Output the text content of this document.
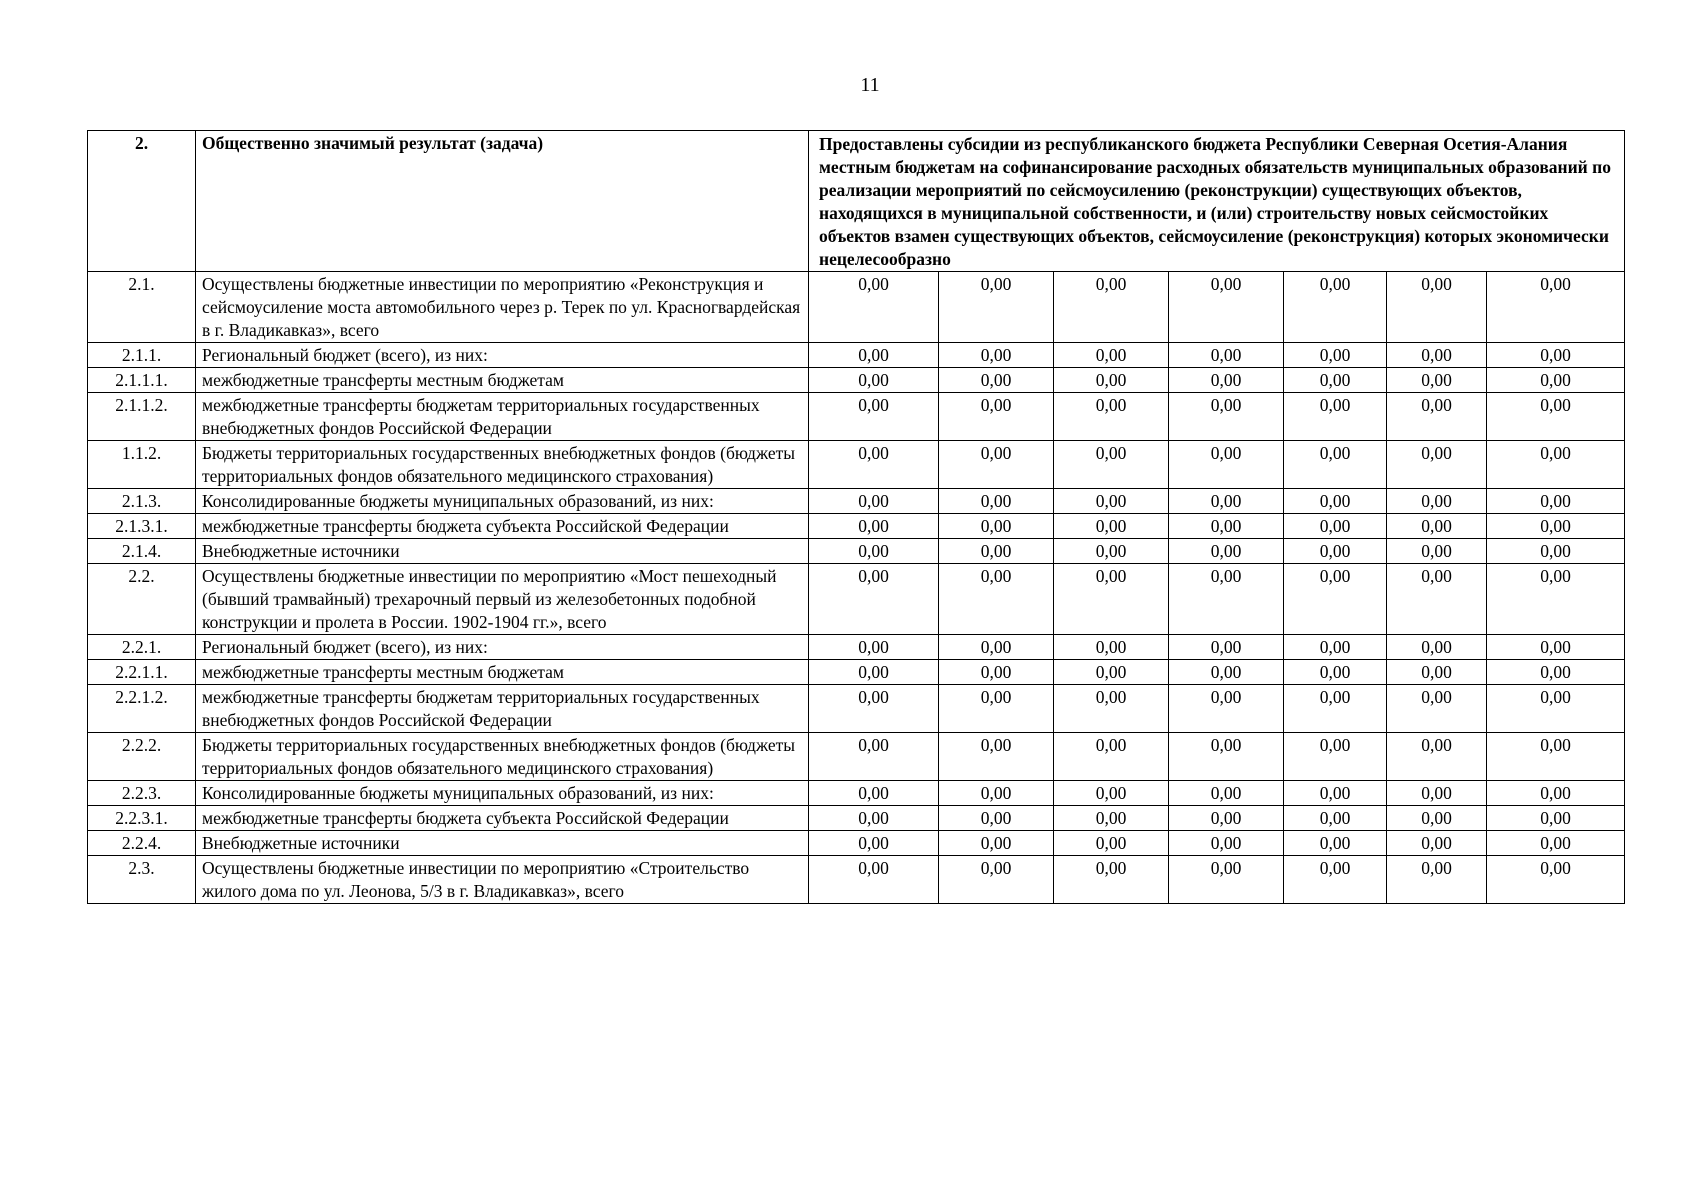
11
2.	Общественно значимый результат (задача)	Предоставлены субсидии из республиканского бюджета Республики Северная Осетия-Алания местным бюджетам на софинансирование расходных обязательств муниципальных образований по реализации мероприятий по сейсмоусилению (реконструкции) существующих объектов, находящихся в муниципальной собственности, и (или) строительству новых сейсмостойких объектов взамен существующих объектов, сейсмоусиление (реконструкция) которых экономически нецелесообразно						
2.1.	Осуществлены бюджетные инвестиции по мероприятию «Реконструкция и сейсмоусиление моста автомобильного через р. Терек по ул. Красногвардейская в г. Владикавказ», всего	0,00	0,00	0,00	0,00	0,00	0,00	0,00
2.1.1.	Региональный бюджет (всего), из них:	0,00	0,00	0,00	0,00	0,00	0,00	0,00
2.1.1.1.	межбюджетные трансферты местным бюджетам	0,00	0,00	0,00	0,00	0,00	0,00	0,00
2.1.1.2.	межбюджетные трансферты бюджетам территориальных государственных внебюджетных фондов Российской Федерации	0,00	0,00	0,00	0,00	0,00	0,00	0,00
1.1.2.	Бюджеты территориальных государственных внебюджетных фондов (бюджеты территориальных фондов обязательного медицинского страхования)	0,00	0,00	0,00	0,00	0,00	0,00	0,00
2.1.3.	Консолидированные бюджеты муниципальных образований, из них:	0,00	0,00	0,00	0,00	0,00	0,00	0,00
2.1.3.1.	межбюджетные трансферты бюджета субъекта Российской Федерации	0,00	0,00	0,00	0,00	0,00	0,00	0,00
2.1.4.	Внебюджетные источники	0,00	0,00	0,00	0,00	0,00	0,00	0,00
2.2.	Осуществлены бюджетные инвестиции по мероприятию «Мост пешеходный (бывший трамвайный) трехарочный первый из железобетонных подобной конструкции и пролета в России. 1902-1904 гг.», всего	0,00	0,00	0,00	0,00	0,00	0,00	0,00
2.2.1.	Региональный бюджет (всего), из них:	0,00	0,00	0,00	0,00	0,00	0,00	0,00
2.2.1.1.	межбюджетные трансферты местным бюджетам	0,00	0,00	0,00	0,00	0,00	0,00	0,00
2.2.1.2.	межбюджетные трансферты бюджетам территориальных государственных внебюджетных фондов Российской Федерации	0,00	0,00	0,00	0,00	0,00	0,00	0,00
2.2.2.	Бюджеты территориальных государственных внебюджетных фондов (бюджеты территориальных фондов обязательного медицинского страхования)	0,00	0,00	0,00	0,00	0,00	0,00	0,00
2.2.3.	Консолидированные бюджеты муниципальных образований, из них:	0,00	0,00	0,00	0,00	0,00	0,00	0,00
2.2.3.1.	межбюджетные трансферты бюджета субъекта Российской Федерации	0,00	0,00	0,00	0,00	0,00	0,00	0,00
2.2.4.	Внебюджетные источники	0,00	0,00	0,00	0,00	0,00	0,00	0,00
2.3.	Осуществлены бюджетные инвестиции по мероприятию «Строительство жилого дома по ул. Леонова, 5/3 в г. Владикавказ», всего	0,00	0,00	0,00	0,00	0,00	0,00	0,00
